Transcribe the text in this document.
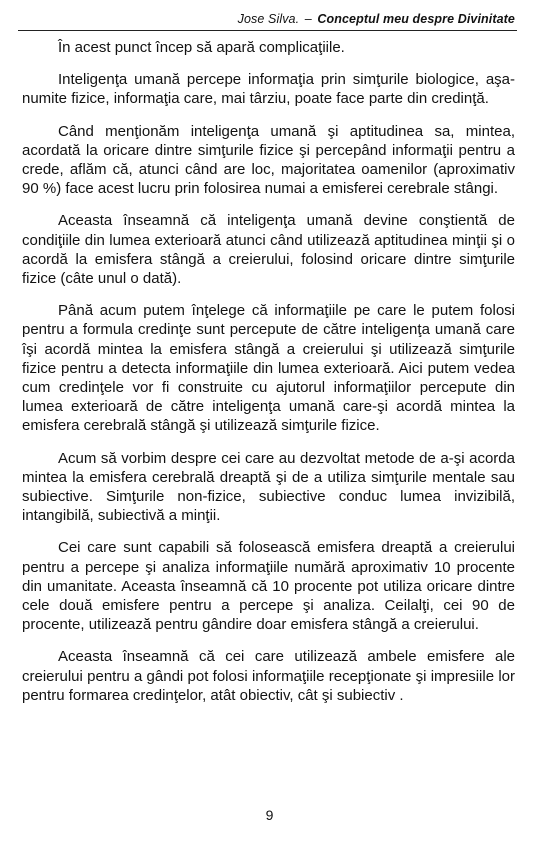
Jose Silva. – Conceptul meu despre Divinitate

În acest punct încep să apară complicaţiile.

Inteligenţa umană percepe informaţia prin simţurile biologice, aşa-numite fizice, informaţia care, mai târziu, poate face parte din credinţă.

Când menţionăm inteligenţa umană şi aptitudinea sa, mintea, acordată la oricare dintre simţurile fizice şi percepând informaţii pentru a crede, aflăm că, atunci când are loc, majoritatea oamenilor (aproximativ 90 %) face acest lucru prin folosirea numai a emisferei cerebrale stângi.

Aceasta înseamnă că inteligenţa umană devine conştientă de condiţiile din lumea exterioară atunci când utilizează aptitudinea minţii şi o acordă la emisfera stângă a creierului, folosind oricare dintre simţurile fizice (câte unul o dată).

Până acum putem înţelege că informaţiile pe care le putem folosi pentru a formula credinţe sunt percepute de către inteligenţa umană care îşi acordă mintea la emisfera stângă a creierului şi utilizează simţurile fizice pentru a detecta informaţiile din lumea exterioară. Aici putem vedea cum credinţele vor fi construite cu ajutorul informaţiilor percepute din lumea exterioară de către inteligenţa umană care-şi acordă mintea la emisfera cerebrală stângă şi utilizează simţurile fizice.

Acum să vorbim despre cei care au dezvoltat metode de a-şi acorda mintea la emisfera cerebrală dreaptă şi de a utiliza simţurile mentale sau subiective. Simţurile non-fizice, subiective conduc lumea invizibilă, intangibilă, subiectivă a minţii.

Cei care sunt capabili să folosească emisfera dreaptă a creierului pentru a percepe şi analiza informaţiile numără aproximativ 10 procente din umanitate. Aceasta înseamnă că 10 procente pot utiliza oricare dintre cele două emisfere pentru a percepe şi analiza. Ceilalţi, cei 90 de procente, utilizează pentru gândire doar emisfera stângă a creierului.

Aceasta înseamnă că cei care utilizează ambele emisfere ale creierului pentru a gândi pot folosi informaţiile recepţionate şi impresiile lor pentru formarea credinţelor, atât obiectiv, cât şi subiectiv .

9
